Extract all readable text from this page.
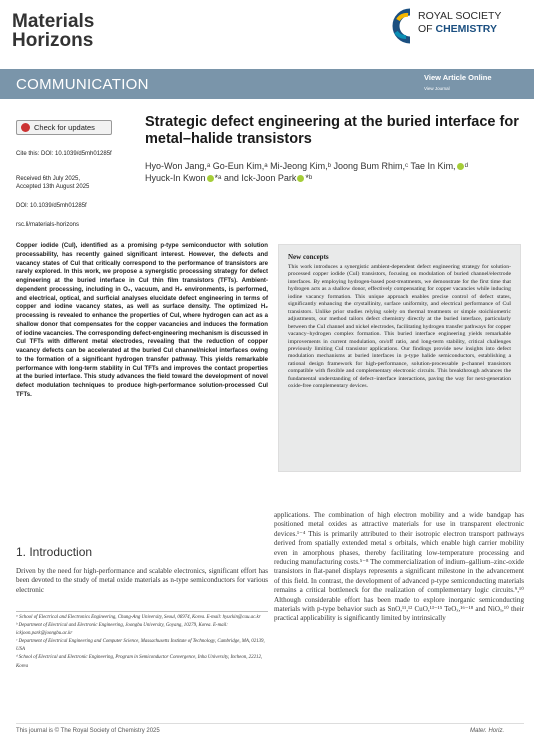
Materials
Horizons
ROYAL SOCIETY
OF CHEMISTRY
COMMUNICATION	View Article Online
View Journal
Check for updates
Cite this: DOI: 10.1039/d5mh01285f
Received 6th July 2025,
Accepted 13th August 2025
DOI: 10.1039/d5mh01285f
rsc.li/materials-horizons
Strategic defect engineering at the buried interface for metal–halide transistors
Hyo-Won Jang,ᵃ Go-Eun Kim,ᵃ Mi-Jeong Kim,ᵇ Joong Bum Rhim,ᶜ Tae In Kim, ᵈ
Hyuck-In Kwon *ᵃ and Ick-Joon Park *ᵇ
Copper iodide (CuI), identified as a promising p-type semiconductor with solution processability, has recently gained significant interest. However, the defects and vacancy states of CuI that critically correspond to the performance of transistors are rarely explored. In this work, we propose a synergistic processing strategy for defect engineering at the buried interface in CuI thin film transistors (TFTs). Ambient-dependent processing, including in O₂, vacuum, and H₂ environments, is performed, and electrical, optical, and surficial analyses elucidate defect engineering in terms of copper and iodine vacancy states, as well as surface density. The optimized H₂ processing is revealed to enhance the properties of CuI, where hydrogen can act as a shallow donor that compensates for the copper vacancies and induces the formation of iodine vacancies. The corresponding defect-engineering mechanism is discussed in CuI TFTs with different metal electrodes, revealing that the reduction of copper vacancy defects can be accelerated at the buried CuI channel/nickel interfaces owing to the formation of a significant hydrogen transfer pathway. This yields remarkable performance with long-term stability in CuI TFTs and improves the contact properties at the buried interface. This study advances the field toward the development of novel defect modulation techniques to produce high-performance solution-processed CuI TFTs.
New concepts
This work introduces a synergistic ambient-dependent defect engineering strategy for solution-processed copper iodide (CuI) transistors, focusing on modulation of buried channel/electrode interfaces. By employing hydrogen-based post-treatments, we demonstrate for the first time that hydrogen acts as a shallow donor, effectively compensating for copper vacancies while inducing iodine vacancy formation. This unique approach enables precise control of defect states, significantly enhancing the crystallinity, surface uniformity, and electrical performance of CuI transistors. Unlike prior studies relying solely on thermal treatments or simple stoichiometric adjustments, our method tailors defect chemistry directly at the buried interface, particularly between the CuI channel and nickel electrodes, facilitating hydrogen transfer pathways for copper vacancy–hydrogen complex formation. This buried interface engineering yields remarkable improvements in current modulation, on/off ratio, and long-term stability, critical challenges previously limiting CuI transistor applications. Our findings provide new insights into defect modulation mechanisms at buried interfaces in p-type halide semiconductors, establishing a rational design framework for high-performance, solution-processable p-channel transistors compatible with flexible and complementary electronic circuits. This breakthrough advances the fundamental understanding of defect–interface interactions, paving the way for next-generation oxide-free complementary devices.
1. Introduction
Driven by the need for high-performance and scalable electronics, significant effort has been devoted to the study of metal oxide materials as n-type semiconductors for various electronic
applications. The combination of high electron mobility and a wide bandgap has positioned metal oxides as attractive materials for use in transparent electronic devices.¹⁻⁴ This is primarily attributed to their isotropic electron transport pathways derived from spatially extended metal s orbitals, which enable high carrier mobility even in amorphous phases, thereby facilitating low-temperature processing and reducing manufacturing costs.⁵⁻⁸ The commercialization of indium–gallium–zinc-oxide transistors in flat-panel displays represents a significant milestone in the advancement of this field. In contrast, the development of advanced p-type semiconducting materials remains a critical bottleneck for the realization of complementary logic circuits.⁹,¹⁰ Although considerable effort has been made to explore inorganic semiconducting materials with p-type behavior such as SnO,¹¹,¹² CuO,¹³⁻¹⁵ TeOₓ,¹⁶⁻¹⁸ and NiOₓ,¹⁰ their practical applicability is significantly limited by intrinsically
ᵃ School of Electrical and Electronics Engineering, Chung-Ang University, Seoul, 06974, Korea. E-mail: hyuckin@cau.ac.kr
ᵇ Department of Electrical and Electronic Engineering, Joongbu University, Goyang, 10279, Korea. E-mail: ickjoon.park@joongbu.ac.kr
ᶜ Department of Electrical Engineering and Computer Science, Massachusetts Institute of Technology, Cambridge, MA, 02139, USA
ᵈ School of Electrical and Electronic Engineering, Program in Semiconductor Convergence, Inha University, Incheon, 22212, Korea
This journal is © The Royal Society of Chemistry 2025	Mater. Horiz.
